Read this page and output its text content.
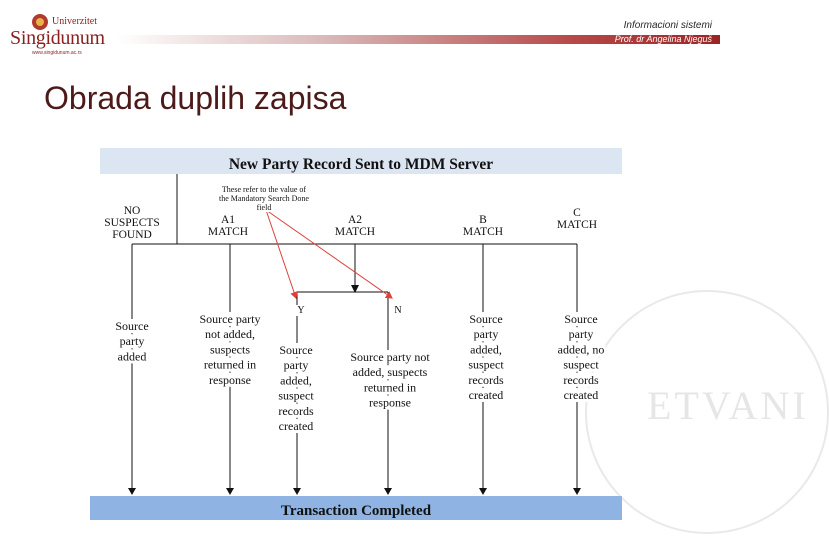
Univerzitet
Singidunum
www.singidunum.ac.rs
Informacioni sistemi
Prof. dr Angelina Njeguš
Obrada duplih zapisa
ETVANI
New Party Record Sent to MDM Server
Transaction Completed
These refer to the value of
the Mandatory Search Done
field
NO
SUSPECTS
FOUND
A1
MATCH
A2
MATCH
B
MATCH
C
MATCH
Y	N
Source
party
added
Source party
not added,
suspects
returned in
response
Source
party
added,
suspect
records
created
Source party not
added, suspects
returned in
response
Source
party
added,
suspect
records
created
Source
party
added, no
suspect
records
created
